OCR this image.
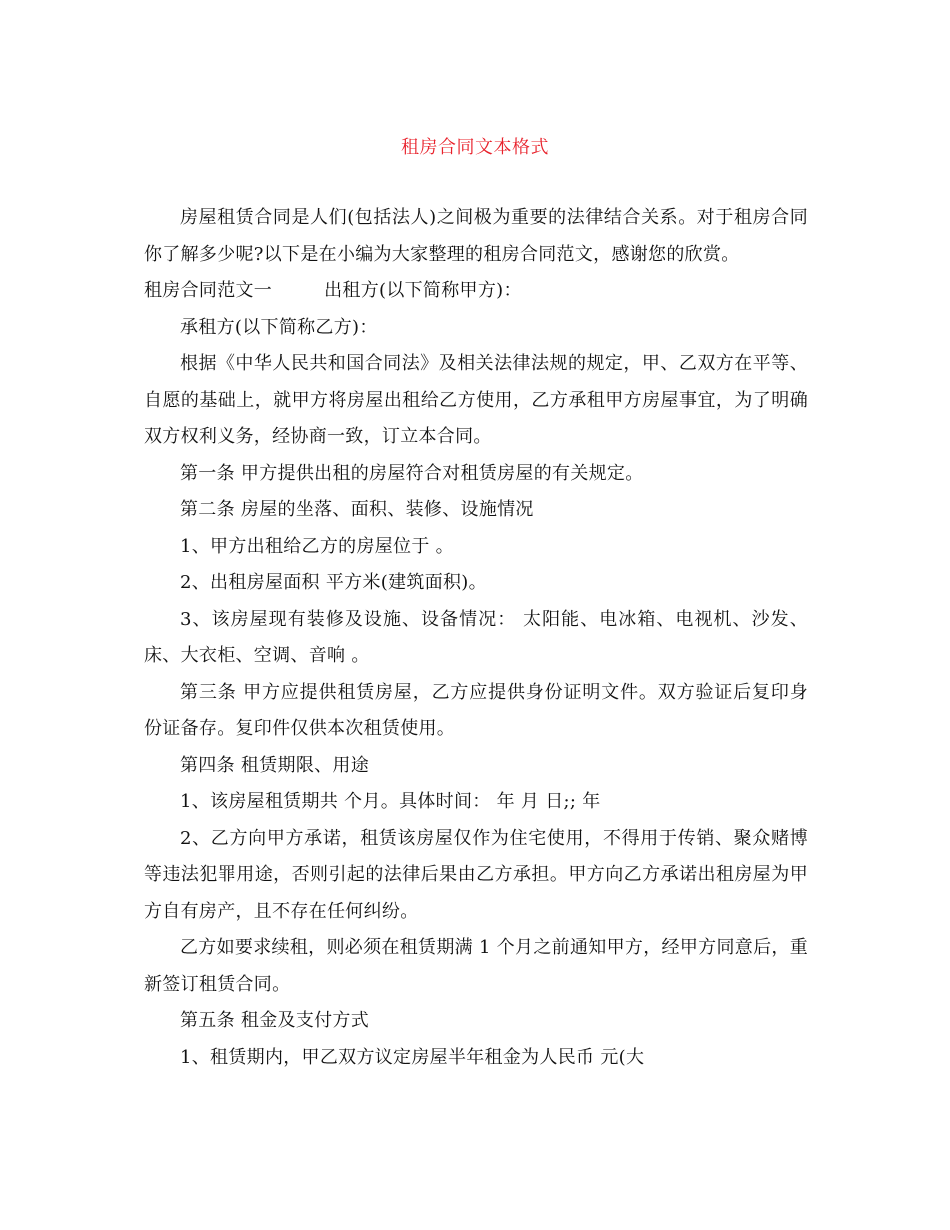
租房合同文本格式

房屋租赁合同是人们(包括法人)之间极为重要的法律结合关系。对于租房合同你了解多少呢?以下是在小编为大家整理的租房合同范文，感谢您的欣赏。

租房合同范文一	出租方(以下简称甲方)：

承租方(以下简称乙方)：

根据《中华人民共和国合同法》及相关法律法规的规定，甲、乙双方在平等、自愿的基础上，就甲方将房屋出租给乙方使用，乙方承租甲方房屋事宜，为了明确双方权利义务，经协商一致，订立本合同。

第一条 甲方提供出租的房屋符合对租赁房屋的有关规定。

第二条 房屋的坐落、面积、装修、设施情况

1、甲方出租给乙方的房屋位于 。

2、出租房屋面积 平方米(建筑面积)。

3、该房屋现有装修及设施、设备情况： 太阳能、电冰箱、电视机、沙发、床、大衣柜、空调、音响 。

第三条 甲方应提供租赁房屋，乙方应提供身份证明文件。双方验证后复印身份证备存。复印件仅供本次租赁使用。

第四条 租赁期限、用途

1、该房屋租赁期共 个月。具体时间： 年 月 日;; 年

2、乙方向甲方承诺，租赁该房屋仅作为住宅使用，不得用于传销、聚众赌博等违法犯罪用途，否则引起的法律后果由乙方承担。甲方向乙方承诺出租房屋为甲方自有房产，且不存在任何纠纷。

乙方如要求续租，则必须在租赁期满 1 个月之前通知甲方，经甲方同意后，重新签订租赁合同。

第五条 租金及支付方式

1、租赁期内，甲乙双方议定房屋半年租金为人民币 元(大
